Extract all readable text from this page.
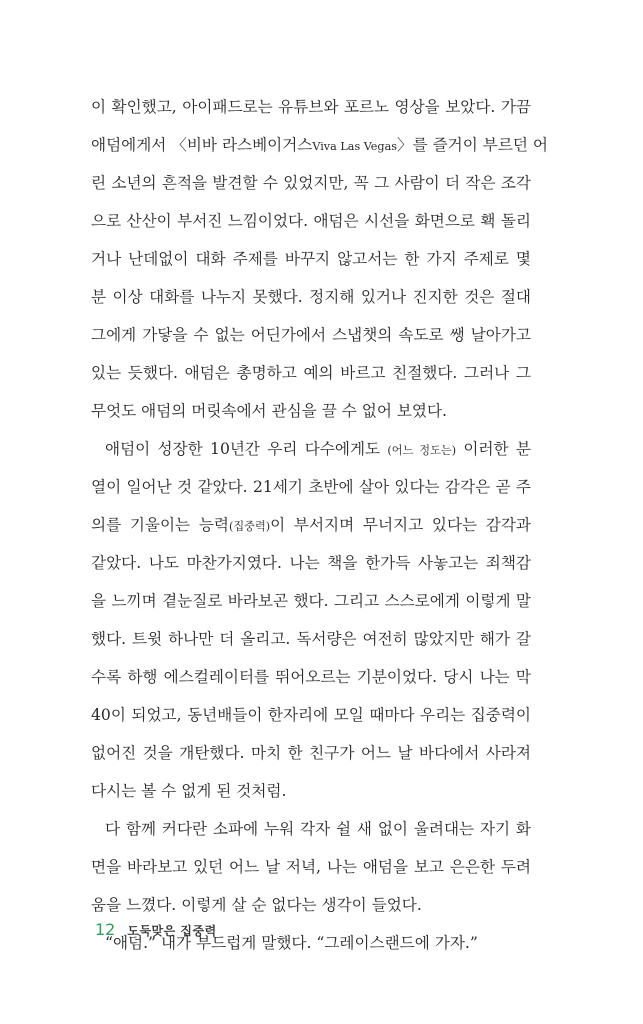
이 확인했고, 아이패드로는 유튜브와 포르노 영상을 보았다. 가끔
애덤에게서 〈비바 라스베이거스Viva Las Vegas〉를 즐거이 부르던 어
린 소년의 흔적을 발견할 수 있었지만, 꼭 그 사람이 더 작은 조각
으로 산산이 부서진 느낌이었다. 애덤은 시선을 화면으로 홱 돌리
거나 난데없이 대화 주제를 바꾸지 않고서는 한 가지 주제로 몇
분 이상 대화를 나누지 못했다. 정지해 있거나 진지한 것은 절대
그에게 가닿을 수 없는 어딘가에서 스냅챗의 속도로 쌩 날아가고
있는 듯했다. 애덤은 총명하고 예의 바르고 친절했다. 그러나 그
무엇도 애덤의 머릿속에서 관심을 끌 수 없어 보였다.
애덤이 성장한 10년간 우리 다수에게도 (어느 정도는) 이러한 분
열이 일어난 것 같았다. 21세기 초반에 살아 있다는 감각은 곧 주
의를 기울이는 능력(집중력)이 부서지며 무너지고 있다는 감각과
같았다. 나도 마찬가지였다. 나는 책을 한가득 사놓고는 죄책감
을 느끼며 곁눈질로 바라보곤 했다. 그리고 스스로에게 이렇게 말
했다. 트윗 하나만 더 올리고. 독서량은 여전히 많았지만 해가 갈
수록 하행 에스컬레이터를 뛰어오르는 기분이었다. 당시 나는 막
40이 되었고, 동년배들이 한자리에 모일 때마다 우리는 집중력이
없어진 것을 개탄했다. 마치 한 친구가 어느 날 바다에서 사라져
다시는 볼 수 없게 된 것처럼.
다 함께 커다란 소파에 누워 각자 쉴 새 없이 울려대는 자기 화
면을 바라보고 있던 어느 날 저녁, 나는 애덤을 보고 은은한 두려
움을 느꼈다. 이렇게 살 순 없다는 생각이 들었다.
“애덤.” 내가 부드럽게 말했다. “그레이스랜드에 가자.”
12 도둑맞은 집중력
